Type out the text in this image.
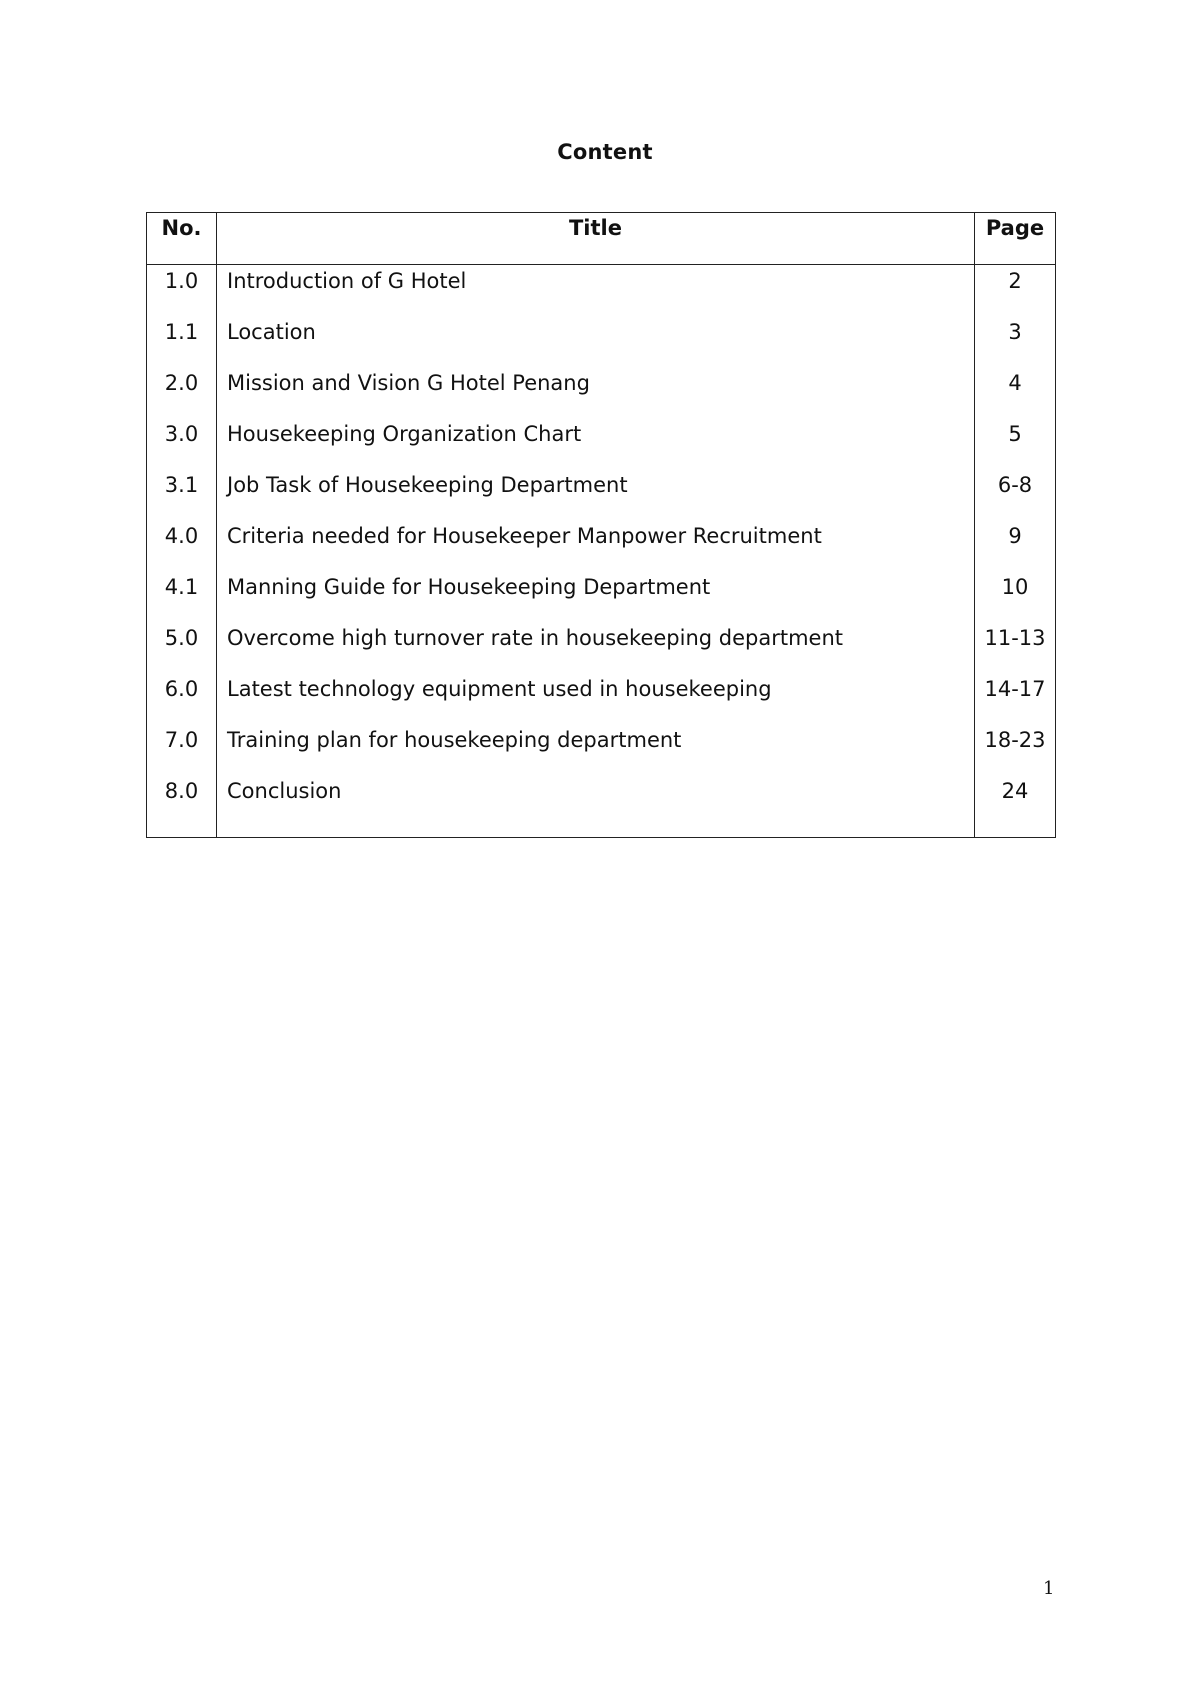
Content
No.	Title	Page

1.0	Introduction of G Hotel	2

1.1	Location	3

2.0	Mission and Vision G Hotel Penang	4

3.0	Housekeeping Organization Chart	5

3.1	Job Task of Housekeeping Department	6-8

4.0	Criteria needed for Housekeeper Manpower Recruitment	9

4.1	Manning Guide for Housekeeping Department	10

5.0	Overcome high turnover rate in housekeeping department	11-13

6.0	Latest technology equipment used in housekeeping	14-17

7.0	Training plan for housekeeping department	18-23

8.0	Conclusion	24
1
